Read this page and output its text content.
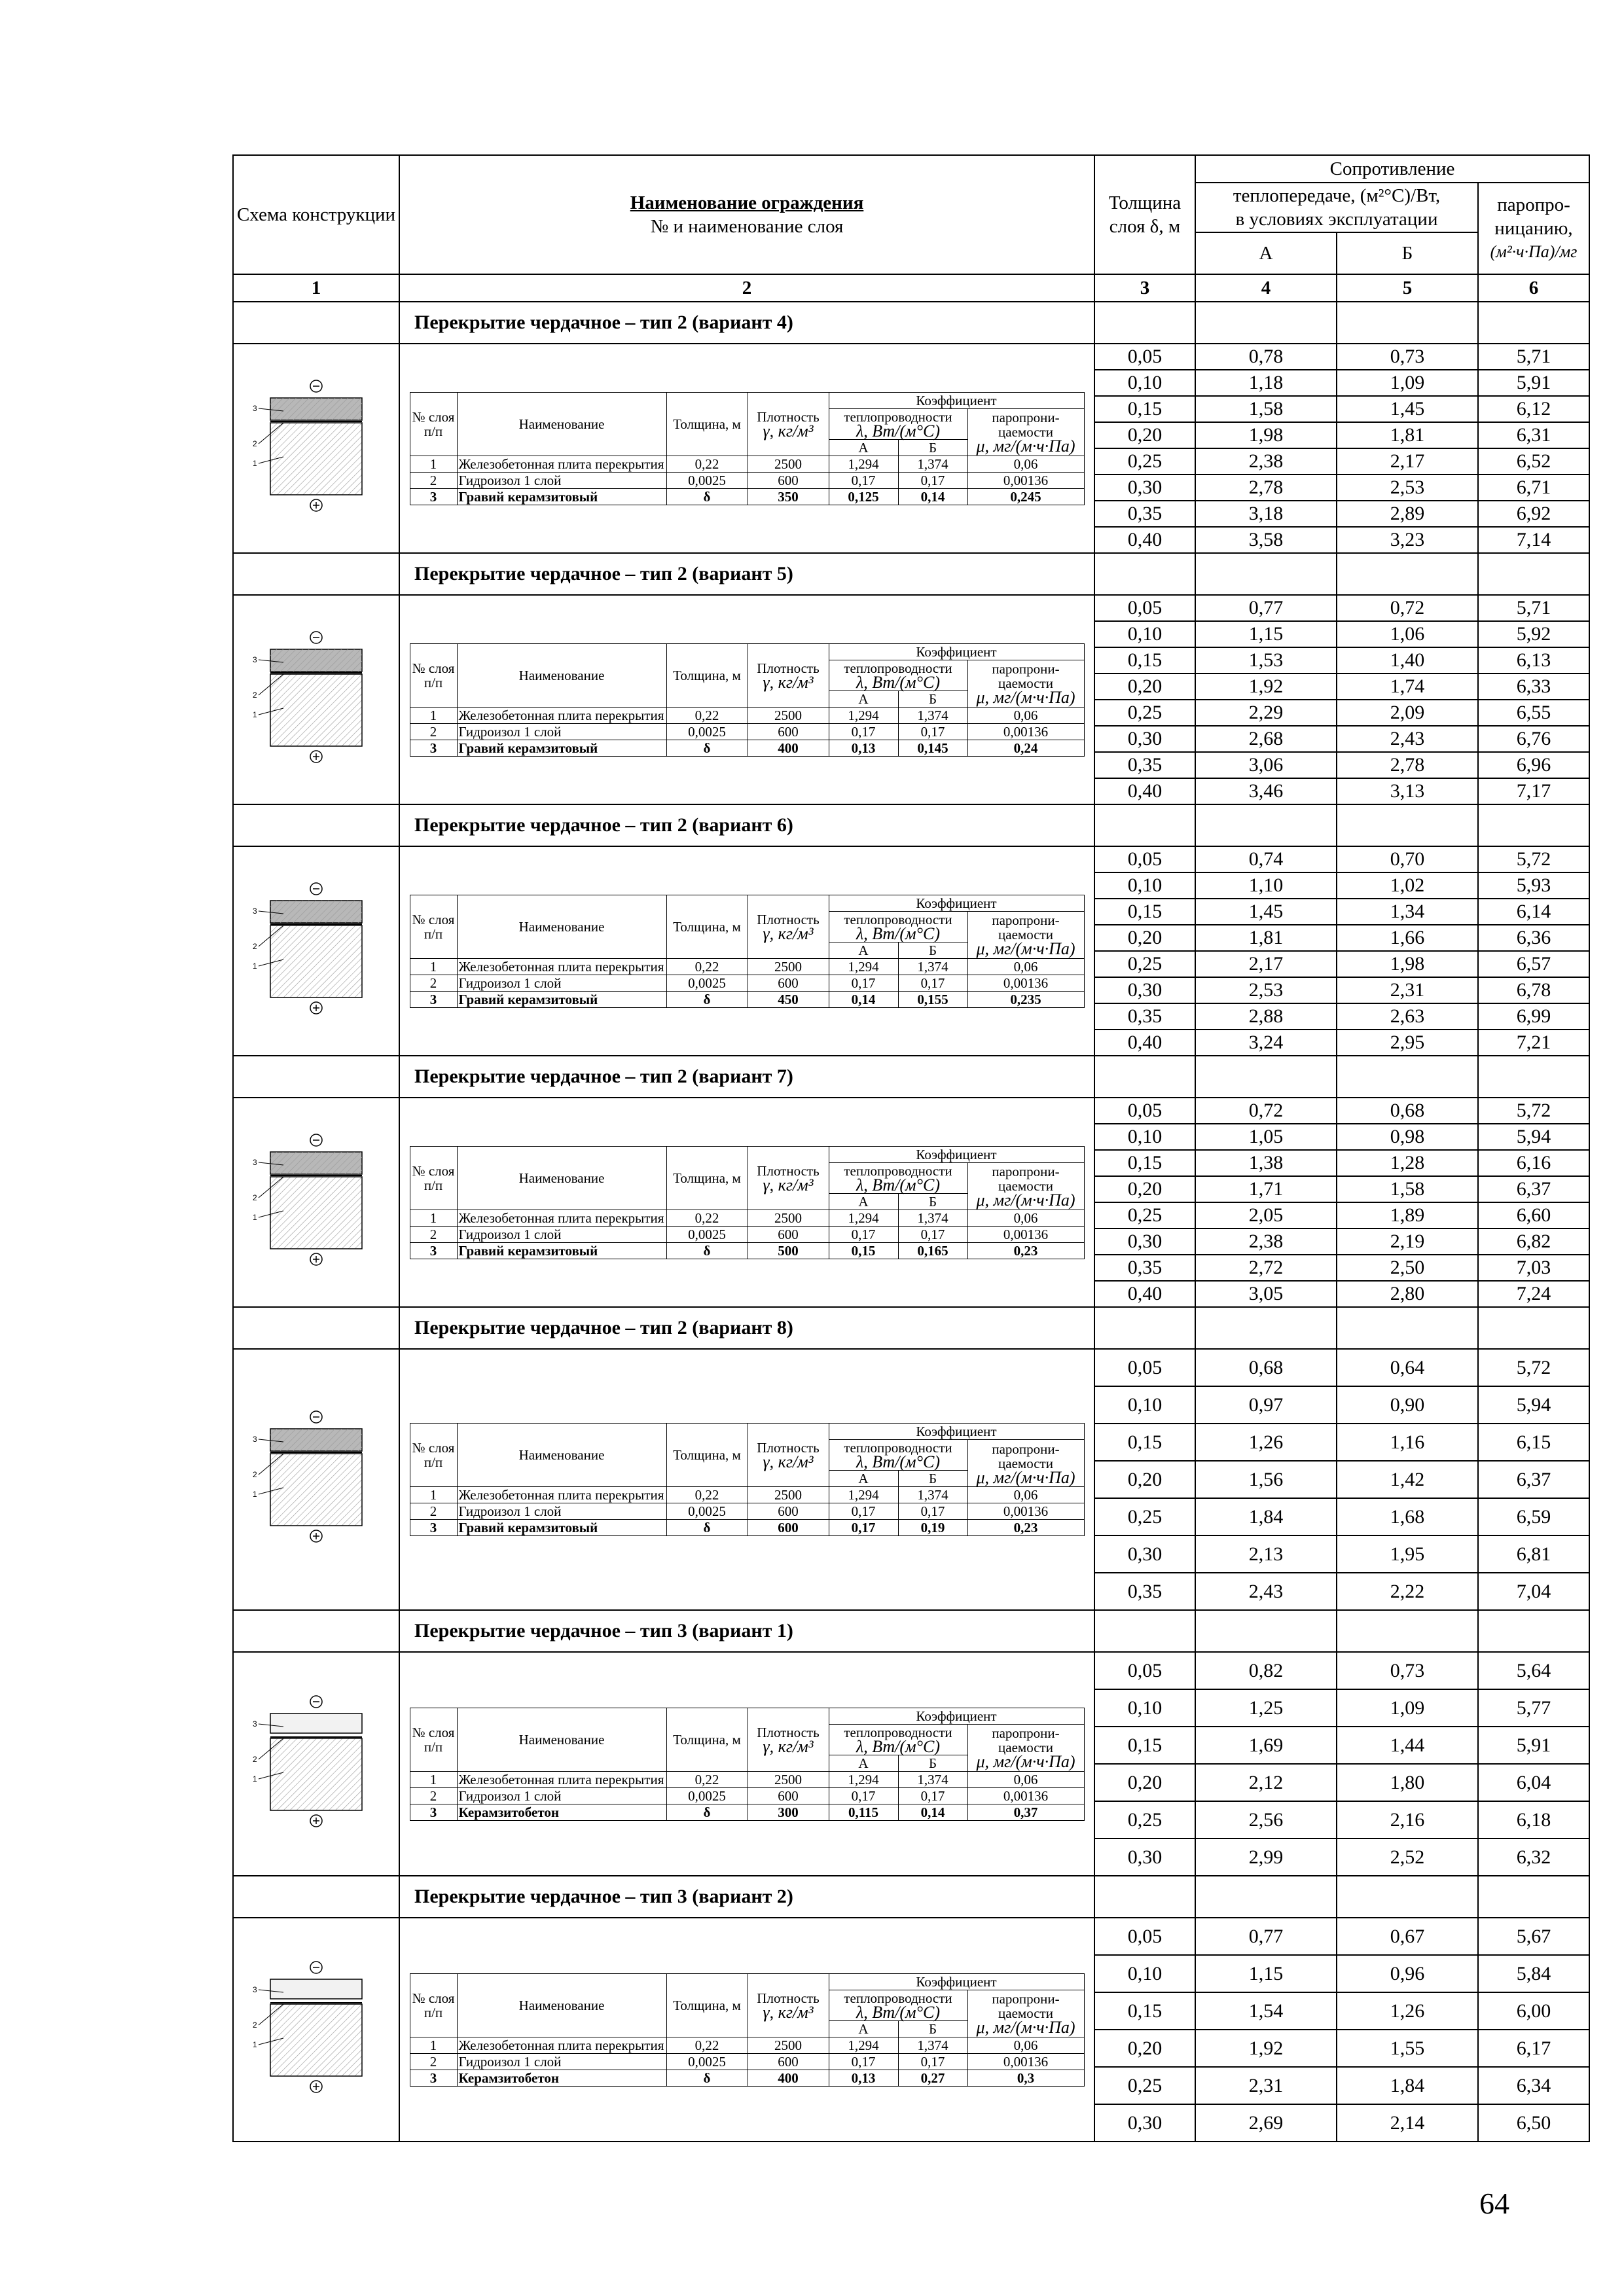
Схема конструкции	
Наименование ограждения
№ и наименование слоя
	Толщина слоя δ, м	Сопротивление

теплопередаче, (м²°C)/Вт,
в условиях эксплуатации

паропро-ницанию,
(м²·ч·Па)/мг

А	Б
1	2	3	4	5	6
	Перекрытие чердачное – тип 2 (вариант 4)				

3
2
1

№ слоя п/п	Наименование	Толщина, м	Плотность
γ, кг/м³
	Коэффициент

теплопроводности
λ, Вт/(м°С)

паропрони-цаемости
μ, мг/(м·ч·Па)

А	Б
1	Железобетонная плита перекрытия	0,22	2500	1,294	1,374	0,06
2	Гидроизол 1 слой	0,0025	600	0,17	0,17	0,00136
3	Гравий керамзитовый	δ	350	0,125	0,14	0,245
	0,05	0,78	0,73	5,71
0,10	1,18	1,09	5,91
0,15	1,58	1,45	6,12
0,20	1,98	1,81	6,31
0,25	2,38	2,17	6,52
0,30	2,78	2,53	6,71
0,35	3,18	2,89	6,92
0,40	3,58	3,23	7,14
	Перекрытие чердачное – тип 2 (вариант 5)				

3
2
1

№ слоя п/п	Наименование	Толщина, м	Плотность
γ, кг/м³
	Коэффициент

теплопроводности
λ, Вт/(м°С)

паропрони-цаемости
μ, мг/(м·ч·Па)

А	Б
1	Железобетонная плита перекрытия	0,22	2500	1,294	1,374	0,06
2	Гидроизол 1 слой	0,0025	600	0,17	0,17	0,00136
3	Гравий керамзитовый	δ	400	0,13	0,145	0,24
	0,05	0,77	0,72	5,71
0,10	1,15	1,06	5,92
0,15	1,53	1,40	6,13
0,20	1,92	1,74	6,33
0,25	2,29	2,09	6,55
0,30	2,68	2,43	6,76
0,35	3,06	2,78	6,96
0,40	3,46	3,13	7,17
	Перекрытие чердачное – тип 2 (вариант 6)				

3
2
1

№ слоя п/п	Наименование	Толщина, м	Плотность
γ, кг/м³
	Коэффициент

теплопроводности
λ, Вт/(м°С)

паропрони-цаемости
μ, мг/(м·ч·Па)

А	Б
1	Железобетонная плита перекрытия	0,22	2500	1,294	1,374	0,06
2	Гидроизол 1 слой	0,0025	600	0,17	0,17	0,00136
3	Гравий керамзитовый	δ	450	0,14	0,155	0,235
	0,05	0,74	0,70	5,72
0,10	1,10	1,02	5,93
0,15	1,45	1,34	6,14
0,20	1,81	1,66	6,36
0,25	2,17	1,98	6,57
0,30	2,53	2,31	6,78
0,35	2,88	2,63	6,99
0,40	3,24	2,95	7,21
	Перекрытие чердачное – тип 2 (вариант 7)				

3
2
1

№ слоя п/п	Наименование	Толщина, м	Плотность
γ, кг/м³
	Коэффициент

теплопроводности
λ, Вт/(м°С)

паропрони-цаемости
μ, мг/(м·ч·Па)

А	Б
1	Железобетонная плита перекрытия	0,22	2500	1,294	1,374	0,06
2	Гидроизол 1 слой	0,0025	600	0,17	0,17	0,00136
3	Гравий керамзитовый	δ	500	0,15	0,165	0,23
	0,05	0,72	0,68	5,72
0,10	1,05	0,98	5,94
0,15	1,38	1,28	6,16
0,20	1,71	1,58	6,37
0,25	2,05	1,89	6,60
0,30	2,38	2,19	6,82
0,35	2,72	2,50	7,03
0,40	3,05	2,80	7,24
	Перекрытие чердачное – тип 2 (вариант 8)				

3
2
1

№ слоя п/п	Наименование	Толщина, м	Плотность
γ, кг/м³
	Коэффициент

теплопроводности
λ, Вт/(м°С)

паропрони-цаемости
μ, мг/(м·ч·Па)

А	Б
1	Железобетонная плита перекрытия	0,22	2500	1,294	1,374	0,06
2	Гидроизол 1 слой	0,0025	600	0,17	0,17	0,00136
3	Гравий керамзитовый	δ	600	0,17	0,19	0,23
	0,05	0,68	0,64	5,72
0,10	0,97	0,90	5,94
0,15	1,26	1,16	6,15
0,20	1,56	1,42	6,37
0,25	1,84	1,68	6,59
0,30	2,13	1,95	6,81
0,35	2,43	2,22	7,04
	Перекрытие чердачное – тип 3 (вариант 1)				

3
2
1

№ слоя п/п	Наименование	Толщина, м	Плотность
γ, кг/м³
	Коэффициент

теплопроводности
λ, Вт/(м°С)

паропрони-цаемости
μ, мг/(м·ч·Па)

А	Б
1	Железобетонная плита перекрытия	0,22	2500	1,294	1,374	0,06
2	Гидроизол 1 слой	0,0025	600	0,17	0,17	0,00136
3	Керамзитобетон	δ	300	0,115	0,14	0,37
	0,05	0,82	0,73	5,64
0,10	1,25	1,09	5,77
0,15	1,69	1,44	5,91
0,20	2,12	1,80	6,04
0,25	2,56	2,16	6,18
0,30	2,99	2,52	6,32
	Перекрытие чердачное – тип 3 (вариант 2)				

3
2
1

№ слоя п/п	Наименование	Толщина, м	Плотность
γ, кг/м³
	Коэффициент

теплопроводности
λ, Вт/(м°С)

паропрони-цаемости
μ, мг/(м·ч·Па)

А	Б
1	Железобетонная плита перекрытия	0,22	2500	1,294	1,374	0,06
2	Гидроизол 1 слой	0,0025	600	0,17	0,17	0,00136
3	Керамзитобетон	δ	400	0,13	0,27	0,3
	0,05	0,77	0,67	5,67
0,10	1,15	0,96	5,84
0,15	1,54	1,26	6,00
0,20	1,92	1,55	6,17
0,25	2,31	1,84	6,34
0,30	2,69	2,14	6,50
64
